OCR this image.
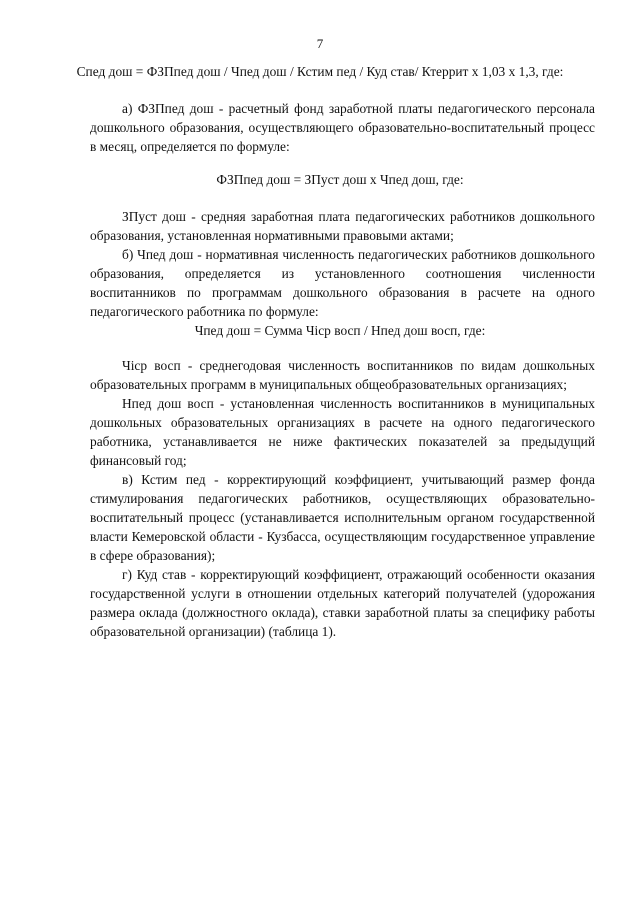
7
Спед дош = ФЗПпед дош / Чпед дош / Кстим пед / Куд став/ Ктеррит х 1,03 х 1,3, где:

а) ФЗПпед дош - расчетный фонд заработной платы педагогического персонала дошкольного образования, осуществляющего образовательно-воспитательный процесс в месяц, определяется по формуле:

ФЗПпед дош = ЗПуст дош х Чпед дош, где:

ЗПуст дош - средняя заработная плата педагогических работников дошкольного образования, установленная нормативными правовыми актами;

б) Чпед дош - нормативная численность педагогических работников дошкольного образования, определяется из установленного соотношения численности воспитанников по программам дошкольного образования в расчете на одного педагогического работника по формуле:

Чпед дош = Сумма Чiср восп / Нпед дош восп, где:

Чiср восп - среднегодовая численность воспитанников по видам дошкольных образовательных программ в муниципальных общеобразовательных организациях;

Нпед дош восп - установленная численность воспитанников в муниципальных дошкольных образовательных организациях в расчете на одного педагогического работника, устанавливается не ниже фактических показателей за предыдущий финансовый год;

в) Кстим пед - корректирующий коэффициент, учитывающий размер фонда стимулирования педагогических работников, осуществляющих образовательно-воспитательный процесс (устанавливается исполнительным органом государственной власти Кемеровской области - Кузбасса, осуществляющим государственное управление в сфере образования);

г) Куд став - корректирующий коэффициент, отражающий особенности оказания государственной услуги в отношении отдельных категорий получателей (удорожания размера оклада (должностного оклада), ставки заработной платы за специфику работы образовательной организации) (таблица 1).
